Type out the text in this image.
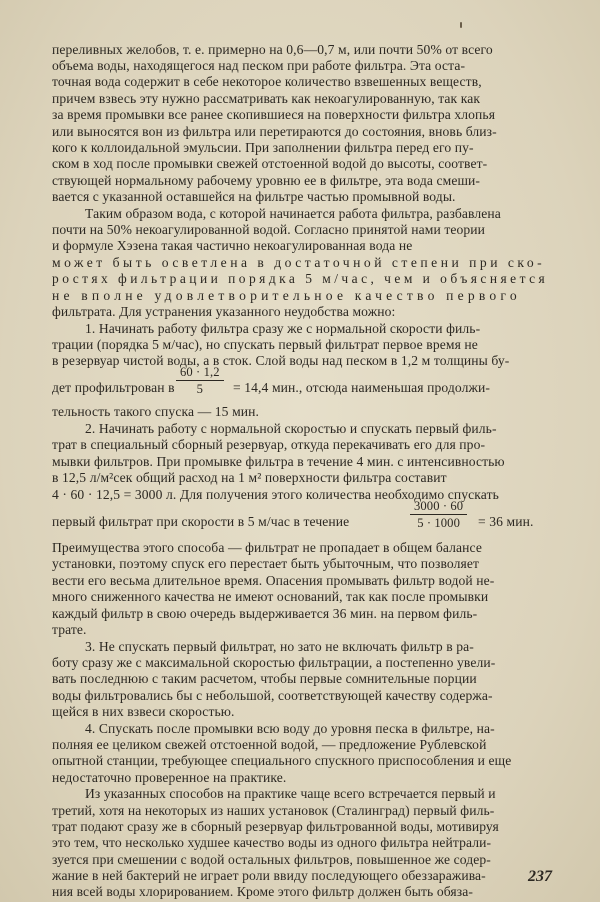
переливных желобов, т. е. примерно на 0,6—0,7 м, или почти 50% от всего
объема воды, находящегося над песком при работе фильтра. Эта оста-
точная вода содержит в себе некоторое количество взвешенных веществ,
причем взвесь эту нужно рассматривать как некоагулированную, так как
за время промывки все ранее скопившиеся на поверхности фильтра хлопья
или выносятся вон из фильтра или перетираются до состояния, вновь близ-
кого к коллоидальной эмульсии. При заполнении фильтра перед его пу-
ском в ход после промывки свежей отстоенной водой до высоты, соответ-
ствующей нормальному рабочему уровню ее в фильтре, эта вода смеши-
вается с указанной оставшейся на фильтре частью промывной воды.
Таким образом вода, с которой начинается работа фильтра, разбавлена
почти на 50% некоагулированной водой. Согласно принятой нами теории
и формуле Хэзена такая частично некоагулированная вода не
может быть осветлена в достаточной степени при ско-
ростях фильтрации порядка 5 м/час, чем и объясняется
не вполне удовлетворительное качество первого
фильтрата. Для устранения указанного неудобства можно:
1. Начинать работу фильтра сразу же с нормальной скорости филь-
трации (порядка 5 м/час), но спускать первый фильтрат первое время не
в резервуар чистой воды, а в сток. Слой воды над песком в 1,2 м толщины бу-
дет профильтрован в $\frac{60 \cdot 1,2}{5} = 14,4$ мин., отсюда наименьшая продолжи-
тельность такого спуска — 15 мин.
2. Начинать работу с нормальной скоростью и спускать первый филь-
трат в специальный сборный резервуар, откуда перекачивать его для про-
мывки фильтров. При промывке фильтра в течение 4 мин. с интенсивностью
в 12,5 л/м²сек общий расход на 1 м² поверхности фильтра составит
4 · 60 · 12,5 = 3000 л. Для получения этого количества необходимо спускать
первый фильтрат при скорости в 5 м/час в течение	$\frac{3000 \cdot 60}{5 \cdot 1000} = 36$ мин.
Преимущества этого способа — фильтрат не пропадает в общем балансе
установки, поэтому спуск его перестает быть убыточным, что позволяет
вести его весьма длительное время. Опасения промывать фильтр водой не-
много сниженного качества не имеют оснований, так как после промывки
каждый фильтр в свою очередь выдерживается 36 мин. на первом филь-
трате.
3. Не спускать первый фильтрат, но зато не включать фильтр в ра-
боту сразу же с максимальной скоростью фильтрации, а постепенно увели-
вать последнюю с таким расчетом, чтобы первые сомнительные порции
воды фильтровались бы с небольшой, соответствующей качеству содержа-
щейся в них взвеси скоростью.
4. Спускать после промывки всю воду до уровня песка в фильтре, на-
полняя ее целиком свежей отстоенной водой, — предложение Рублевской
опытной станции, требующее специального спускного приспособления и еще
недостаточно проверенное на практике.
Из указанных способов на практике чаще всего встречается первый и
третий, хотя на некоторых из наших установок (Сталинград) первый филь-
трат подают сразу же в сборный резервуар фильтрованной воды, мотивируя
это тем, что несколько худшее качество воды из одного фильтра нейтрали-
зуется при смешении с водой остальных фильтров, повышенное же содер-
жание в ней бактерий не играет роли ввиду последующего обеззаражива-
ния всей воды хлорированием. Кроме этого фильтр должен быть обяза-
237
